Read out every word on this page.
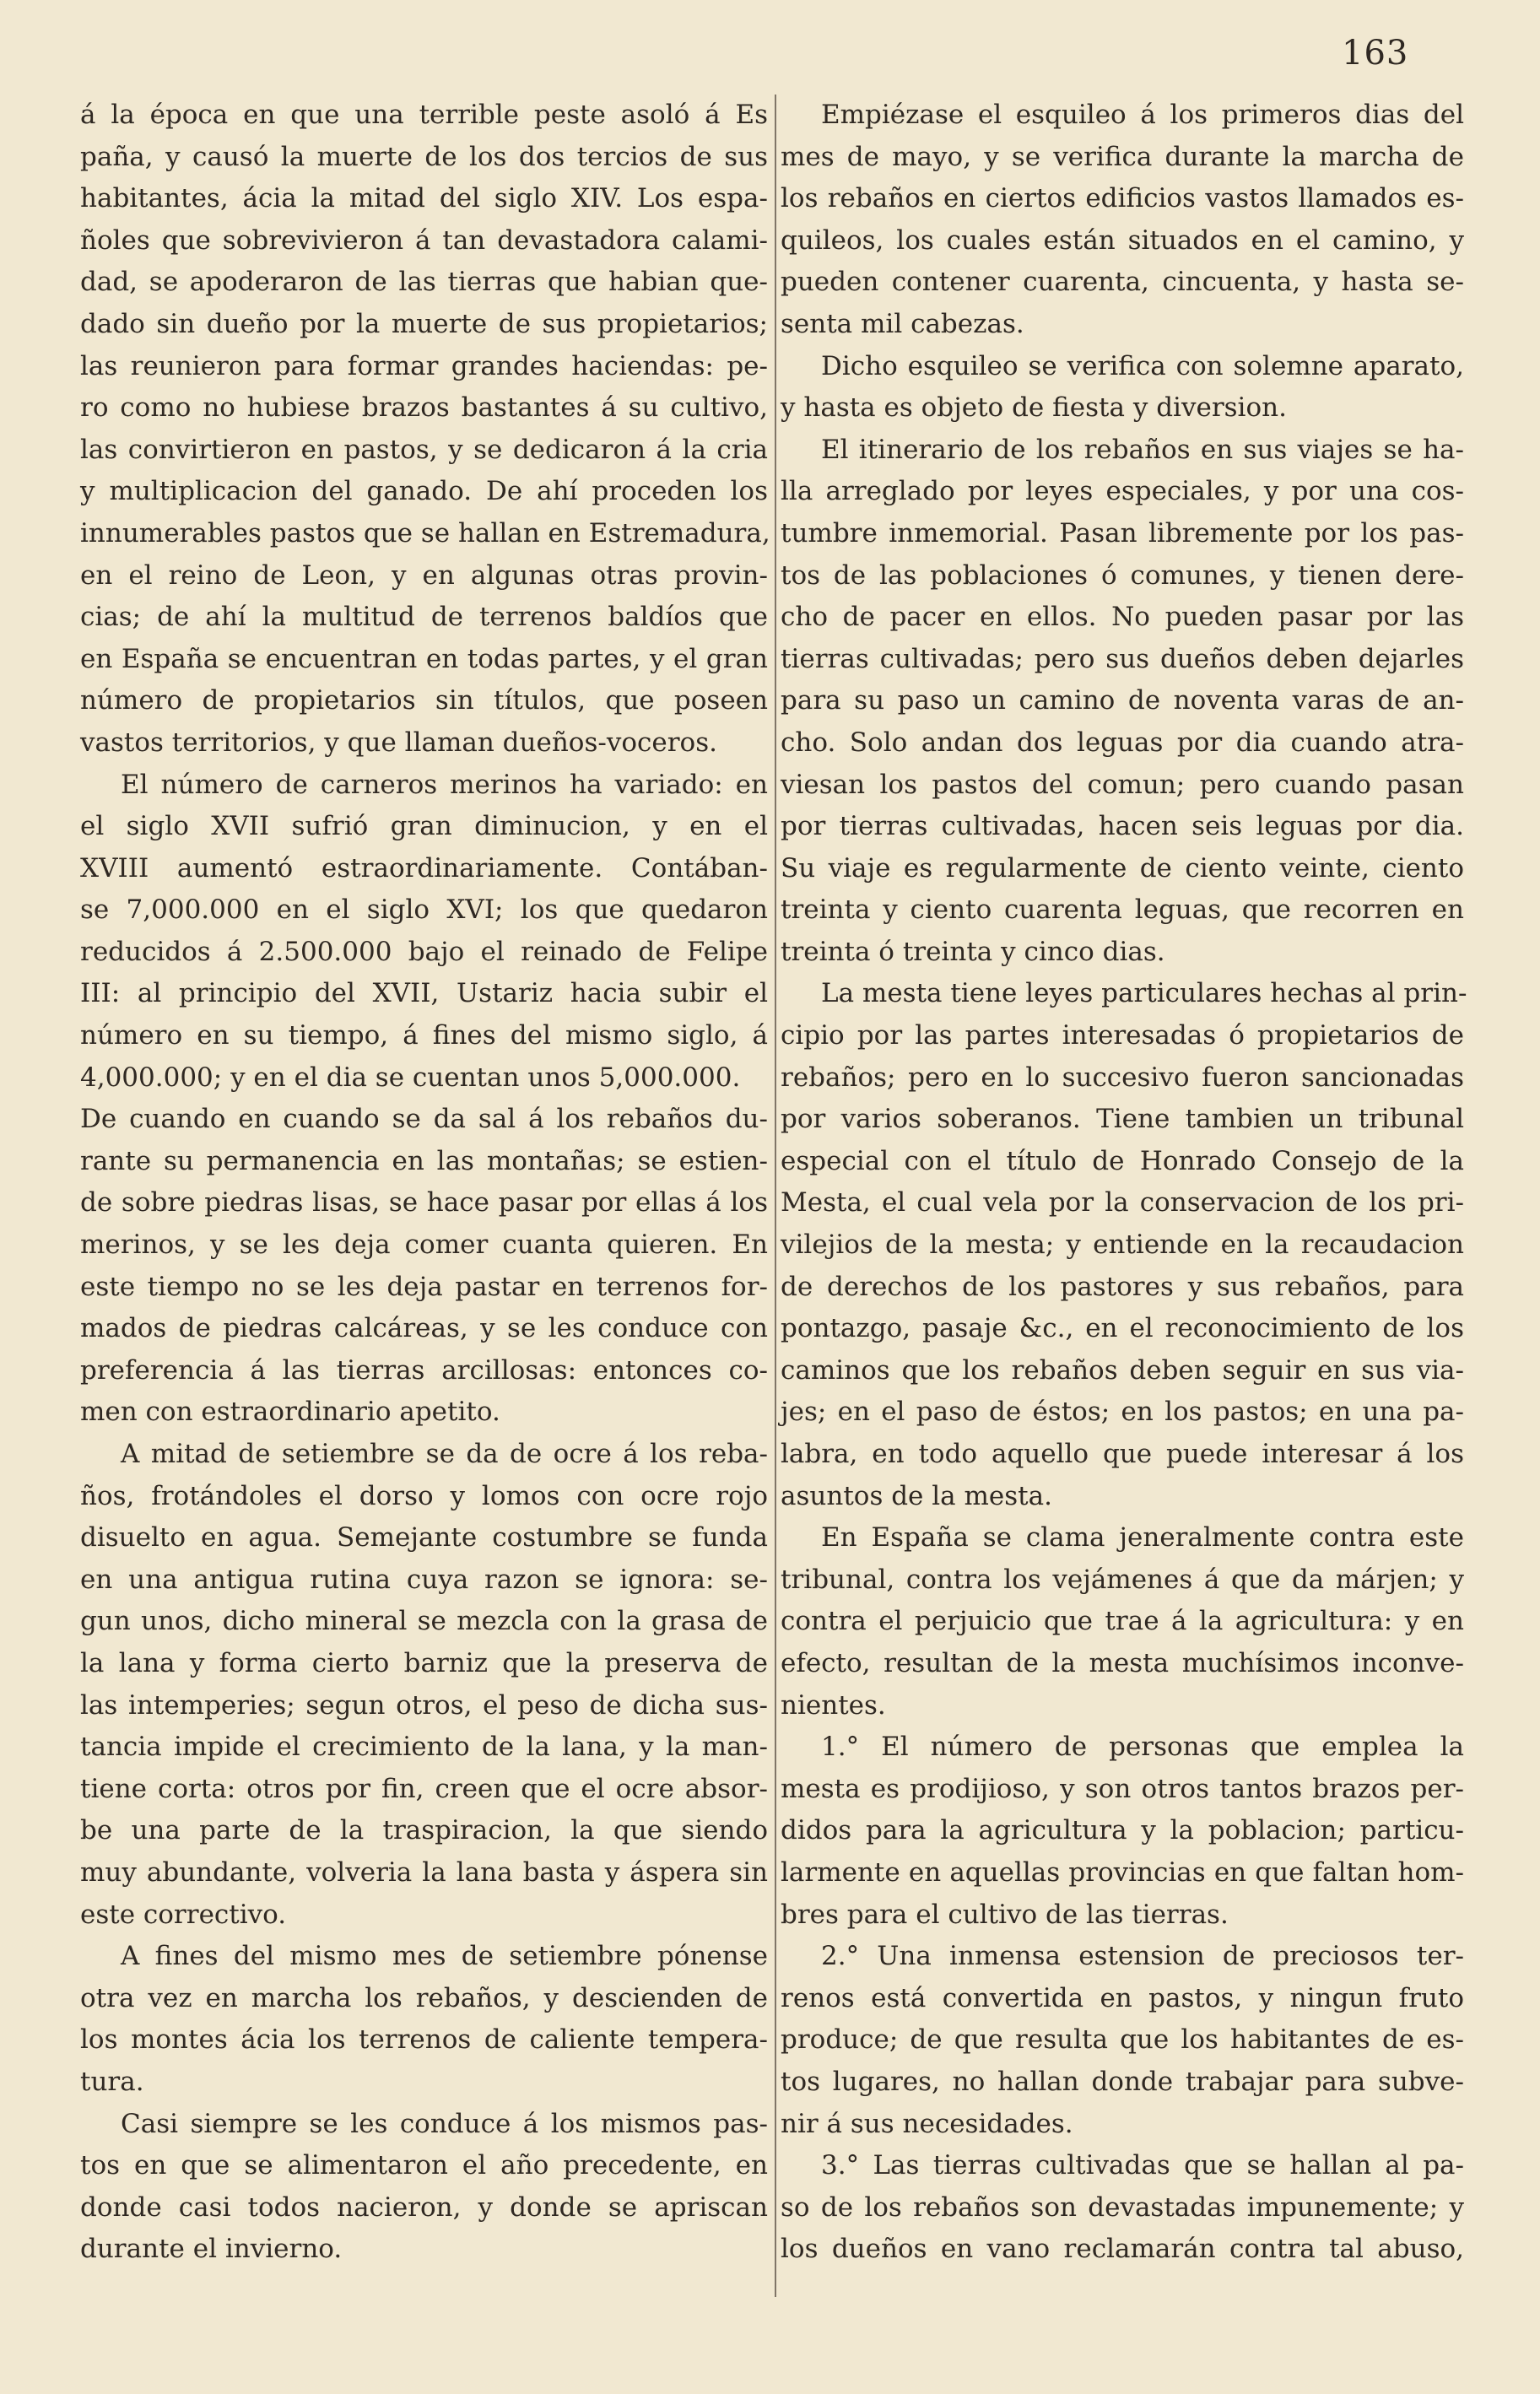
163
á la época en que una terrible peste asoló á Es
paña, y causó la muerte de los dos tercios de sus
habitantes, ácia la mitad del siglo XIV. Los espa-
ñoles que sobrevivieron á tan devastadora calami-
dad, se apoderaron de las tierras que habian que-
dado sin dueño por la muerte de sus propietarios;
las reunieron para formar grandes haciendas: pe-
ro como no hubiese brazos bastantes á su cultivo,
las convirtieron en pastos, y se dedicaron á la cria
y multiplicacion del ganado. De ahí proceden los
innumerables pastos que se hallan en Estremadura,
en el reino de Leon, y en algunas otras provin-
cias; de ahí la multitud de terrenos baldíos que
en España se encuentran en todas partes, y el gran
número de propietarios sin títulos, que poseen
vastos territorios, y que llaman dueños-voceros.
El número de carneros merinos ha variado: en
el siglo XVII sufrió gran diminucion, y en el
XVIII aumentó estraordinariamente. Contában-
se 7,000.000 en el siglo XVI; los que quedaron
reducidos á 2.500.000 bajo el reinado de Felipe
III: al principio del XVII, Ustariz hacia subir el
número en su tiempo, á fines del mismo siglo, á
4,000.000; y en el dia se cuentan unos 5,000.000.
De cuando en cuando se da sal á los rebaños du-
rante su permanencia en las montañas; se estien-
de sobre piedras lisas, se hace pasar por ellas á los
merinos, y se les deja comer cuanta quieren. En
este tiempo no se les deja pastar en terrenos for-
mados de piedras calcáreas, y se les conduce con
preferencia á las tierras arcillosas: entonces co-
men con estraordinario apetito.
A mitad de setiembre se da de ocre á los reba-
ños, frotándoles el dorso y lomos con ocre rojo
disuelto en agua. Semejante costumbre se funda
en una antigua rutina cuya razon se ignora: se-
gun unos, dicho mineral se mezcla con la grasa de
la lana y forma cierto barniz que la preserva de
las intemperies; segun otros, el peso de dicha sus-
tancia impide el crecimiento de la lana, y la man-
tiene corta: otros por fin, creen que el ocre absor-
be una parte de la traspiracion, la que siendo
muy abundante, volveria la lana basta y áspera sin
este correctivo.
A fines del mismo mes de setiembre pónense
otra vez en marcha los rebaños, y descienden de
los montes ácia los terrenos de caliente tempera-
tura.
Casi siempre se les conduce á los mismos pas-
tos en que se alimentaron el año precedente, en
donde casi todos nacieron, y donde se apriscan
durante el invierno.
Empiézase el esquileo á los primeros dias del
mes de mayo, y se verifica durante la marcha de
los rebaños en ciertos edificios vastos llamados es-
quileos, los cuales están situados en el camino, y
pueden contener cuarenta, cincuenta, y hasta se-
senta mil cabezas.
Dicho esquileo se verifica con solemne aparato,
y hasta es objeto de fiesta y diversion.
El itinerario de los rebaños en sus viajes se ha-
lla arreglado por leyes especiales, y por una cos-
tumbre inmemorial. Pasan libremente por los pas-
tos de las poblaciones ó comunes, y tienen dere-
cho de pacer en ellos. No pueden pasar por las
tierras cultivadas; pero sus dueños deben dejarles
para su paso un camino de noventa varas de an-
cho. Solo andan dos leguas por dia cuando atra-
viesan los pastos del comun; pero cuando pasan
por tierras cultivadas, hacen seis leguas por dia.
Su viaje es regularmente de ciento veinte, ciento
treinta y ciento cuarenta leguas, que recorren en
treinta ó treinta y cinco dias.
La mesta tiene leyes particulares hechas al prin-
cipio por las partes interesadas ó propietarios de
rebaños; pero en lo succesivo fueron sancionadas
por varios soberanos. Tiene tambien un tribunal
especial con el título de Honrado Consejo de la
Mesta, el cual vela por la conservacion de los pri-
vilejios de la mesta; y entiende en la recaudacion
de derechos de los pastores y sus rebaños, para
pontazgo, pasaje &c., en el reconocimiento de los
caminos que los rebaños deben seguir en sus via-
jes; en el paso de éstos; en los pastos; en una pa-
labra, en todo aquello que puede interesar á los
asuntos de la mesta.
En España se clama jeneralmente contra este
tribunal, contra los vejámenes á que da márjen; y
contra el perjuicio que trae á la agricultura: y en
efecto, resultan de la mesta muchísimos inconve-
nientes.
1.° El número de personas que emplea la
mesta es prodijioso, y son otros tantos brazos per-
didos para la agricultura y la poblacion; particu-
larmente en aquellas provincias en que faltan hom-
bres para el cultivo de las tierras.
2.° Una inmensa estension de preciosos ter-
renos está convertida en pastos, y ningun fruto
produce; de que resulta que los habitantes de es-
tos lugares, no hallan donde trabajar para subve-
nir á sus necesidades.
3.° Las tierras cultivadas que se hallan al pa-
so de los rebaños son devastadas impunemente; y
los dueños en vano reclamarán contra tal abuso,
